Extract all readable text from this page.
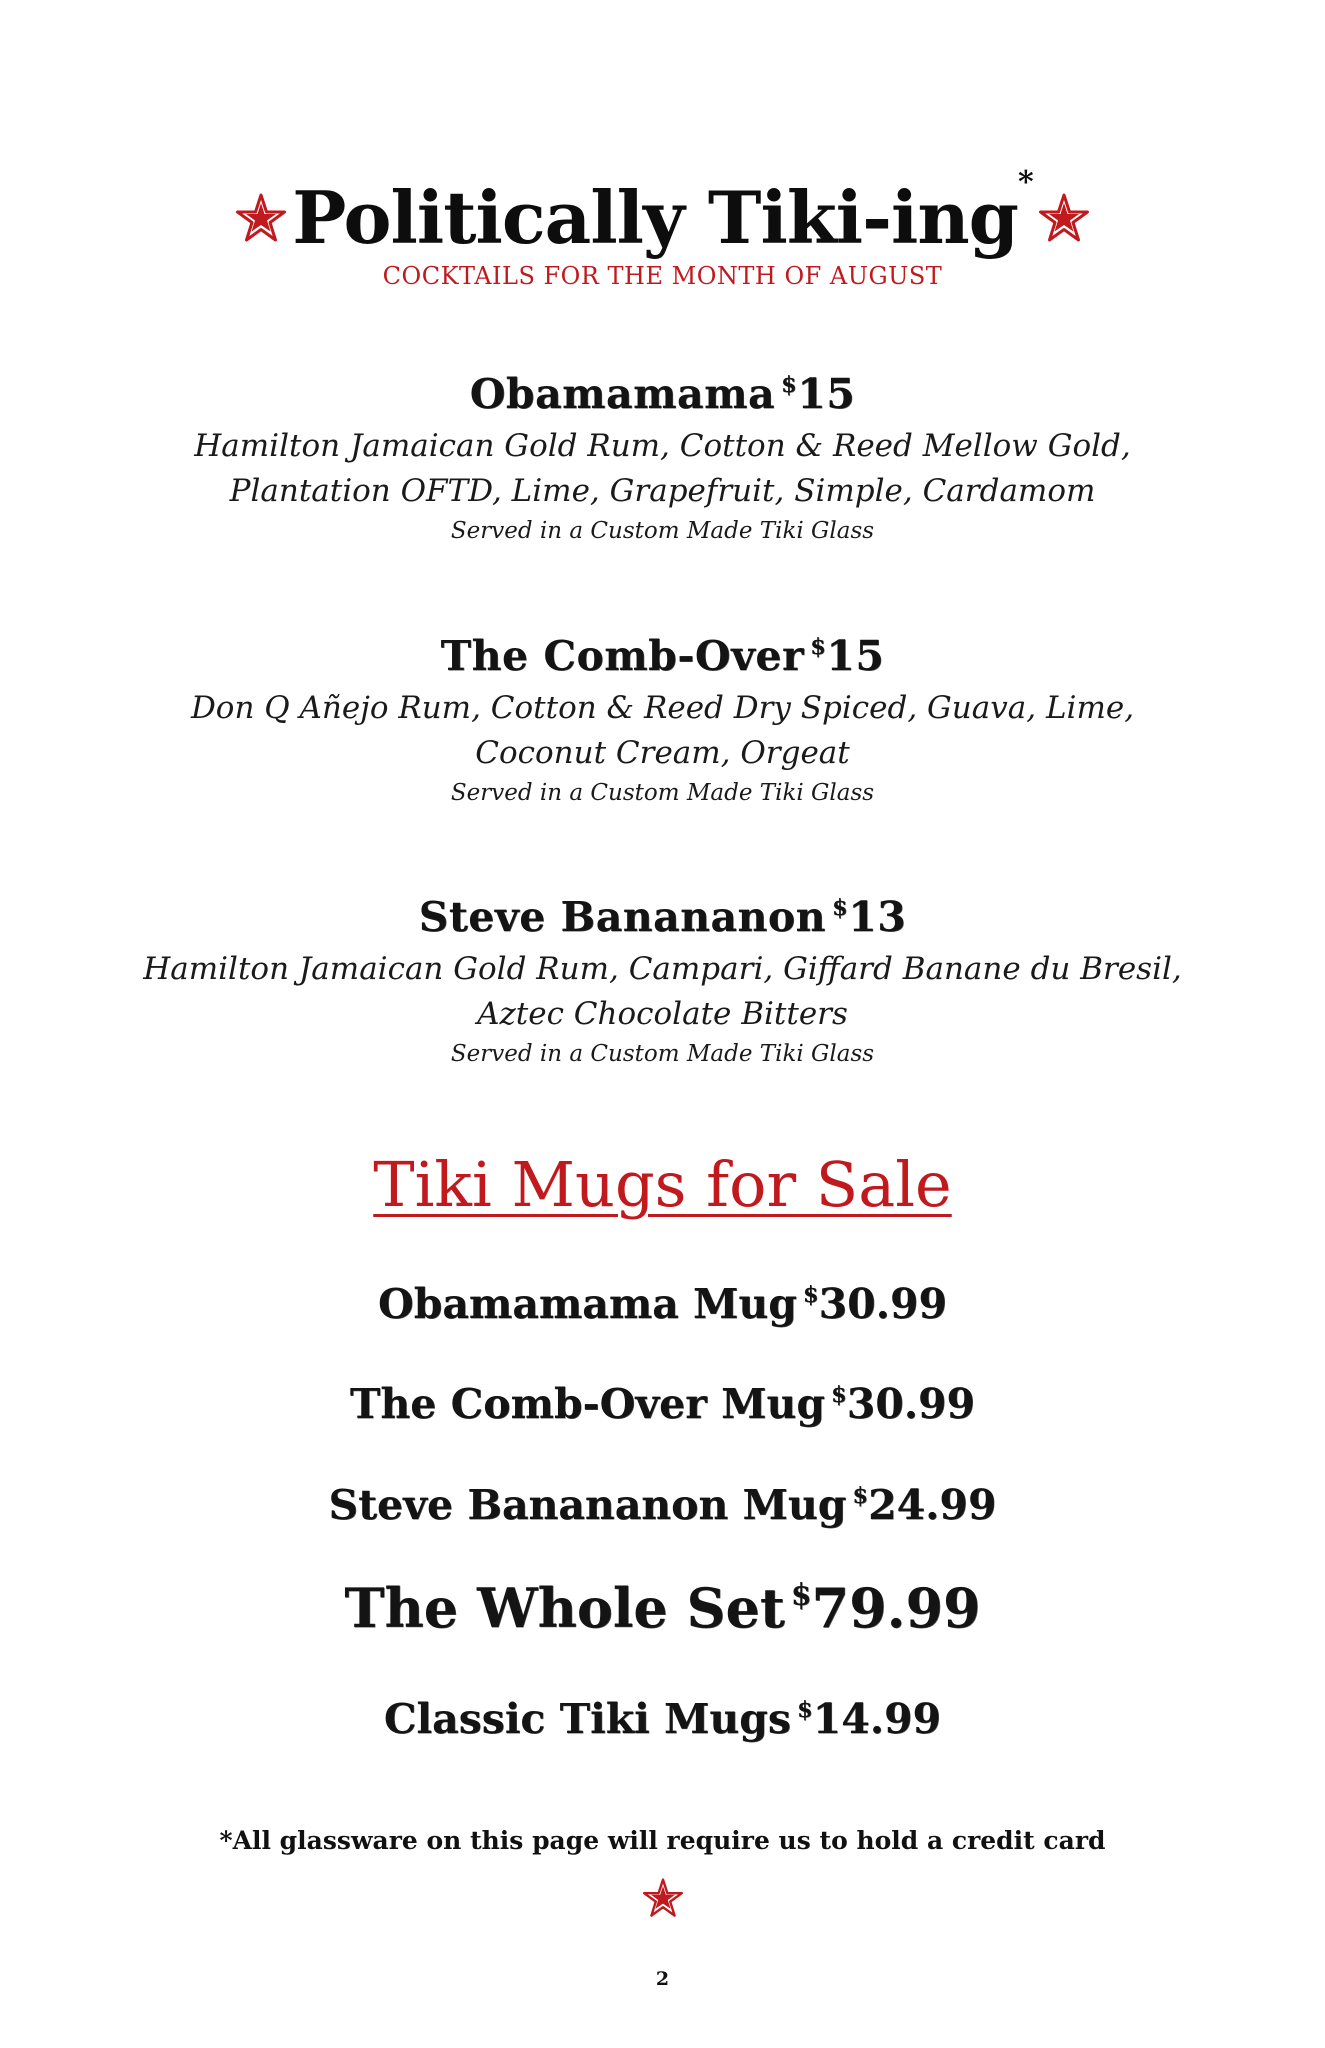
Politically Tiki-ing*
COCKTAILS FOR THE MONTH OF AUGUST
Obamamama $15
Hamilton Jamaican Gold Rum, Cotton & Reed Mellow Gold,
Plantation OFTD, Lime, Grapefruit, Simple, Cardamom
Served in a Custom Made Tiki Glass
The Comb-Over $15
Don Q Añejo Rum, Cotton & Reed Dry Spiced, Guava, Lime,
Coconut Cream, Orgeat
Served in a Custom Made Tiki Glass
Steve Banananon $13
Hamilton Jamaican Gold Rum, Campari, Giffard Banane du Bresil,
Aztec Chocolate Bitters
Served in a Custom Made Tiki Glass
Tiki Mugs for Sale
Obamamama Mug $30.99
The Comb-Over Mug $30.99
Steve Banananon Mug $24.99
The Whole Set $79.99
Classic Tiki Mugs $14.99
*All glassware on this page will require us to hold a credit card
2
